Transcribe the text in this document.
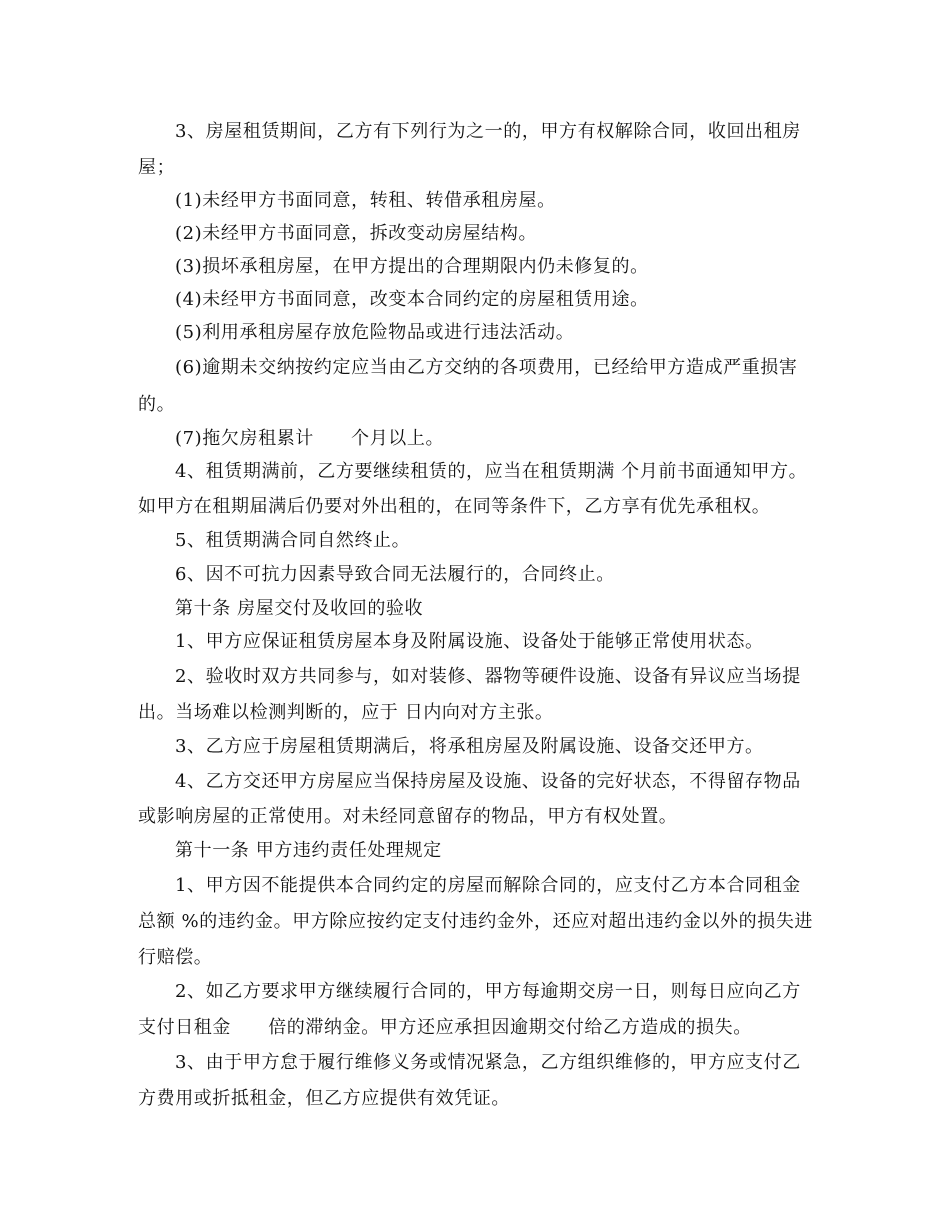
3、房屋租赁期间，乙方有下列行为之一的，甲方有权解除合同，收回出租房
屋；
(1)未经甲方书面同意，转租、转借承租房屋。
(2)未经甲方书面同意，拆改变动房屋结构。
(3)损坏承租房屋，在甲方提出的合理期限内仍未修复的。
(4)未经甲方书面同意，改变本合同约定的房屋租赁用途。
(5)利用承租房屋存放危险物品或进行违法活动。
(6)逾期未交纳按约定应当由乙方交纳的各项费用，已经给甲方造成严重损害
的。
(7)拖欠房租累计　　个月以上。
4、租赁期满前，乙方要继续租赁的，应当在租赁期满 个月前书面通知甲方。
如甲方在租期届满后仍要对外出租的，在同等条件下，乙方享有优先承租权。
5、租赁期满合同自然终止。
6、因不可抗力因素导致合同无法履行的，合同终止。
第十条 房屋交付及收回的验收
1、甲方应保证租赁房屋本身及附属设施、设备处于能够正常使用状态。
2、验收时双方共同参与，如对装修、器物等硬件设施、设备有异议应当场提
出。当场难以检测判断的，应于 日内向对方主张。
3、乙方应于房屋租赁期满后，将承租房屋及附属设施、设备交还甲方。
4、乙方交还甲方房屋应当保持房屋及设施、设备的完好状态，不得留存物品
或影响房屋的正常使用。对未经同意留存的物品，甲方有权处置。
第十一条 甲方违约责任处理规定
1、甲方因不能提供本合同约定的房屋而解除合同的，应支付乙方本合同租金
总额 %的违约金。甲方除应按约定支付违约金外，还应对超出违约金以外的损失进
行赔偿。
2、如乙方要求甲方继续履行合同的，甲方每逾期交房一日，则每日应向乙方
支付日租金　　倍的滞纳金。甲方还应承担因逾期交付给乙方造成的损失。
3、由于甲方怠于履行维修义务或情况紧急，乙方组织维修的，甲方应支付乙
方费用或折抵租金，但乙方应提供有效凭证。
